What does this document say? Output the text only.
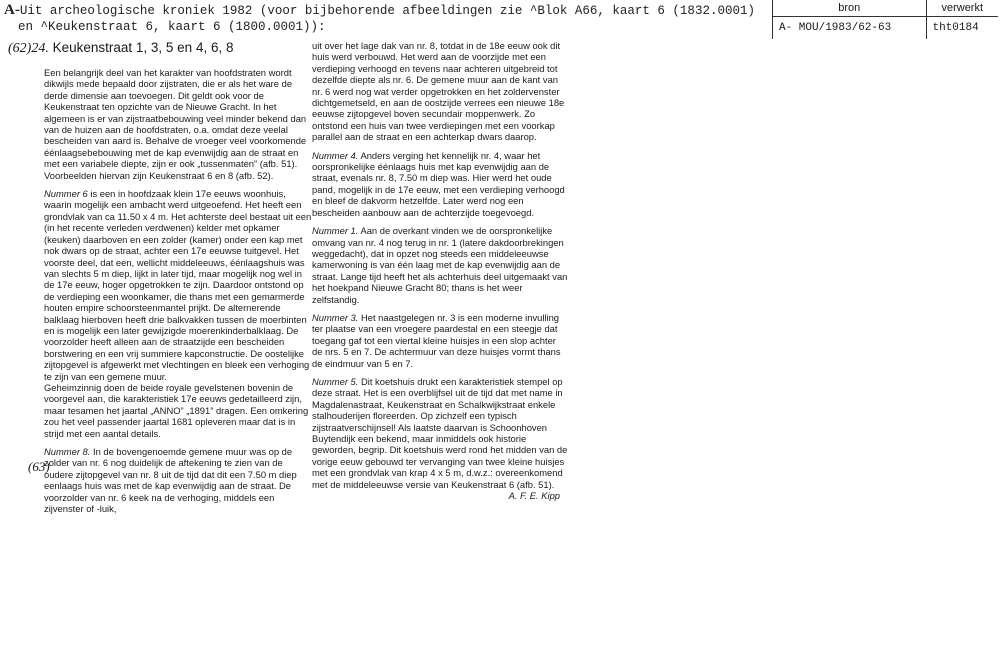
A-Uit archeologische kroniek 1982 (voor bijbehorende afbeeldingen zie ^Blok A66, kaart 6 (1832.0001)
en ^Keukenstraat 6, kaart 6 (1800.0001)):
bron	verwerkt
A- MOU/1983/62-63	tht0184
(62)24. Keukenstraat 1, 3, 5 en 4, 6, 8
(63)

Een belangrijk deel van het karakter van hoofdstraten wordt dikwijls mede bepaald door zijstraten, die er als het ware de derde dimensie aan toevoegen. Dit geldt ook voor de Keukenstraat ten opzichte van de Nieuwe Gracht. In het algemeen is er van zijstraatbebouwing veel minder bekend dan van de huizen aan de hoofdstraten, o.a. omdat deze veelal bescheiden van aard is. Behalve de vroeger veel voorkomende éénlaagsebebouwing met de kap evenwijdig aan de straat en met een variabele diepte, zijn er ook „tussenmaten” (afb. 51). Voorbeelden hiervan zijn Keukenstraat 6 en 8 (afb. 52).

Nummer 6 is een in hoofdzaak klein 17e eeuws woonhuis, waarin mogelijk een ambacht werd uitgeoefend. Het heeft een grondvlak van ca 11.50 x 4 m. Het achterste deel bestaat uit een (in het recente verleden verdwenen) kelder met opkamer (keuken) daarboven en een zolder (kamer) onder een kap met nok dwars op de straat, achter een 17e eeuwse tuitgevel. Het voorste deel, dat een, wellicht middeleeuws, éénlaagshuis was van slechts 5 m diep, lijkt in later tijd, maar mogelijk nog wel in de 17e eeuw, hoger opgetrokken te zijn. Daardoor ontstond op de verdieping een woonkamer, die thans met een gemarmerde houten empire schoorsteenmantel prijkt. De alternerende balklaag hierboven heeft drie balkvakken tussen de moerbinten en is mogelijk een later gewijzigde moerenkinderbalklaag. De voorzolder heeft alleen aan de straatzijde een bescheiden borstwering en een vrij summiere kapconstructie. De oostelijke zijtopgevel is afgewerkt met vlechtingen en bleek een verhoging te zijn van een gemene muur.

Geheimzinnig doen de beide royale gevelstenen bovenin de voorgevel aan, die karakteristiek 17e eeuws gedetailleerd zijn, maar tesamen het jaartal „ANNO” „1891” dragen. Een omkering zou het veel passender jaartal 1681 opleveren maar dat is in strijd met een aantal details.

Nummer 8. In de bovengenoemde gemene muur was op de zolder van nr. 6 nog duidelijk de aftekening te zien van de oudere zijtopgevel van nr. 8 uit de tijd dat dit een 7.50 m diep eenlaags huis was met de kap evenwijdig aan de straat. De voorzolder van nr. 6 keek na de verhoging, middels een zijvenster of -luik,

uit over het lage dak van nr. 8, totdat in de 18e eeuw ook dit huis werd verbouwd. Het werd aan de voorzijde met een verdieping verhoogd en tevens naar achteren uitgebreid tot dezelfde diepte als nr. 6. De gemene muur aan de kant van nr. 6 werd nog wat verder opgetrokken en het zoldervenster dichtgemetseld, en aan de oostzijde verrees een nieuwe 18e eeuwse zijtopgevel boven secundair moppenwerk. Zo ontstond een huis van twee verdiepingen met een voorkap parallel aan de straat en een achterkap dwars daarop.

Nummer 4. Anders verging het kennelijk nr. 4, waar het oorspronkelijke éénlaags huis met kap evenwijdig aan de straat, evenals nr. 8, 7.50 m diep was. Hier werd het oude pand, mogelijk in de 17e eeuw, met een verdieping verhoogd en bleef de dakvorm hetzelfde. Later werd nog een bescheiden aanbouw aan de achterzijde toegevoegd.

Nummer 1. Aan de overkant vinden we de oorspronkelijke omvang van nr. 4 nog terug in nr. 1 (latere dakdoorbrekingen weggedacht), dat in opzet nog steeds een middeleeuwse kamerwoning is van één laag met de kap evenwijdig aan de straat. Lange tijd heeft het als achterhuis deel uitgemaakt van het hoekpand Nieuwe Gracht 80; thans is het weer zelfstandig.

Nummer 3. Het naastgelegen nr. 3 is een moderne invulling ter plaatse van een vroegere paardestal en een steegje dat toegang gaf tot een viertal kleine huisjes in een slop achter de nrs. 5 en 7. De achtermuur van deze huisjes vormt thans de eindmuur van 5 en 7.

Nummer 5. Dit koetshuis drukt een karakteristiek stempel op deze straat. Het is een overblijfsel uit de tijd dat met name in Magdalenastraat, Keukenstraat en Schalkwijkstraat enkele stalhouderijen floreerden. Op zichzelf een typisch zijstraatverschijnsel! Als laatste daarvan is Schoonhoven Buytendijk een bekend, maar inmiddels ook historie geworden, begrip. Dit koetshuis werd rond het midden van de vorige eeuw gebouwd ter vervanging van twee kleine huisjes met een grondvlak van krap 4 x 5 m, d.w.z.: overeenkomend met de middeleeuwse versie van Keukenstraat 6 (afb. 51).
A. F. E. Kipp
